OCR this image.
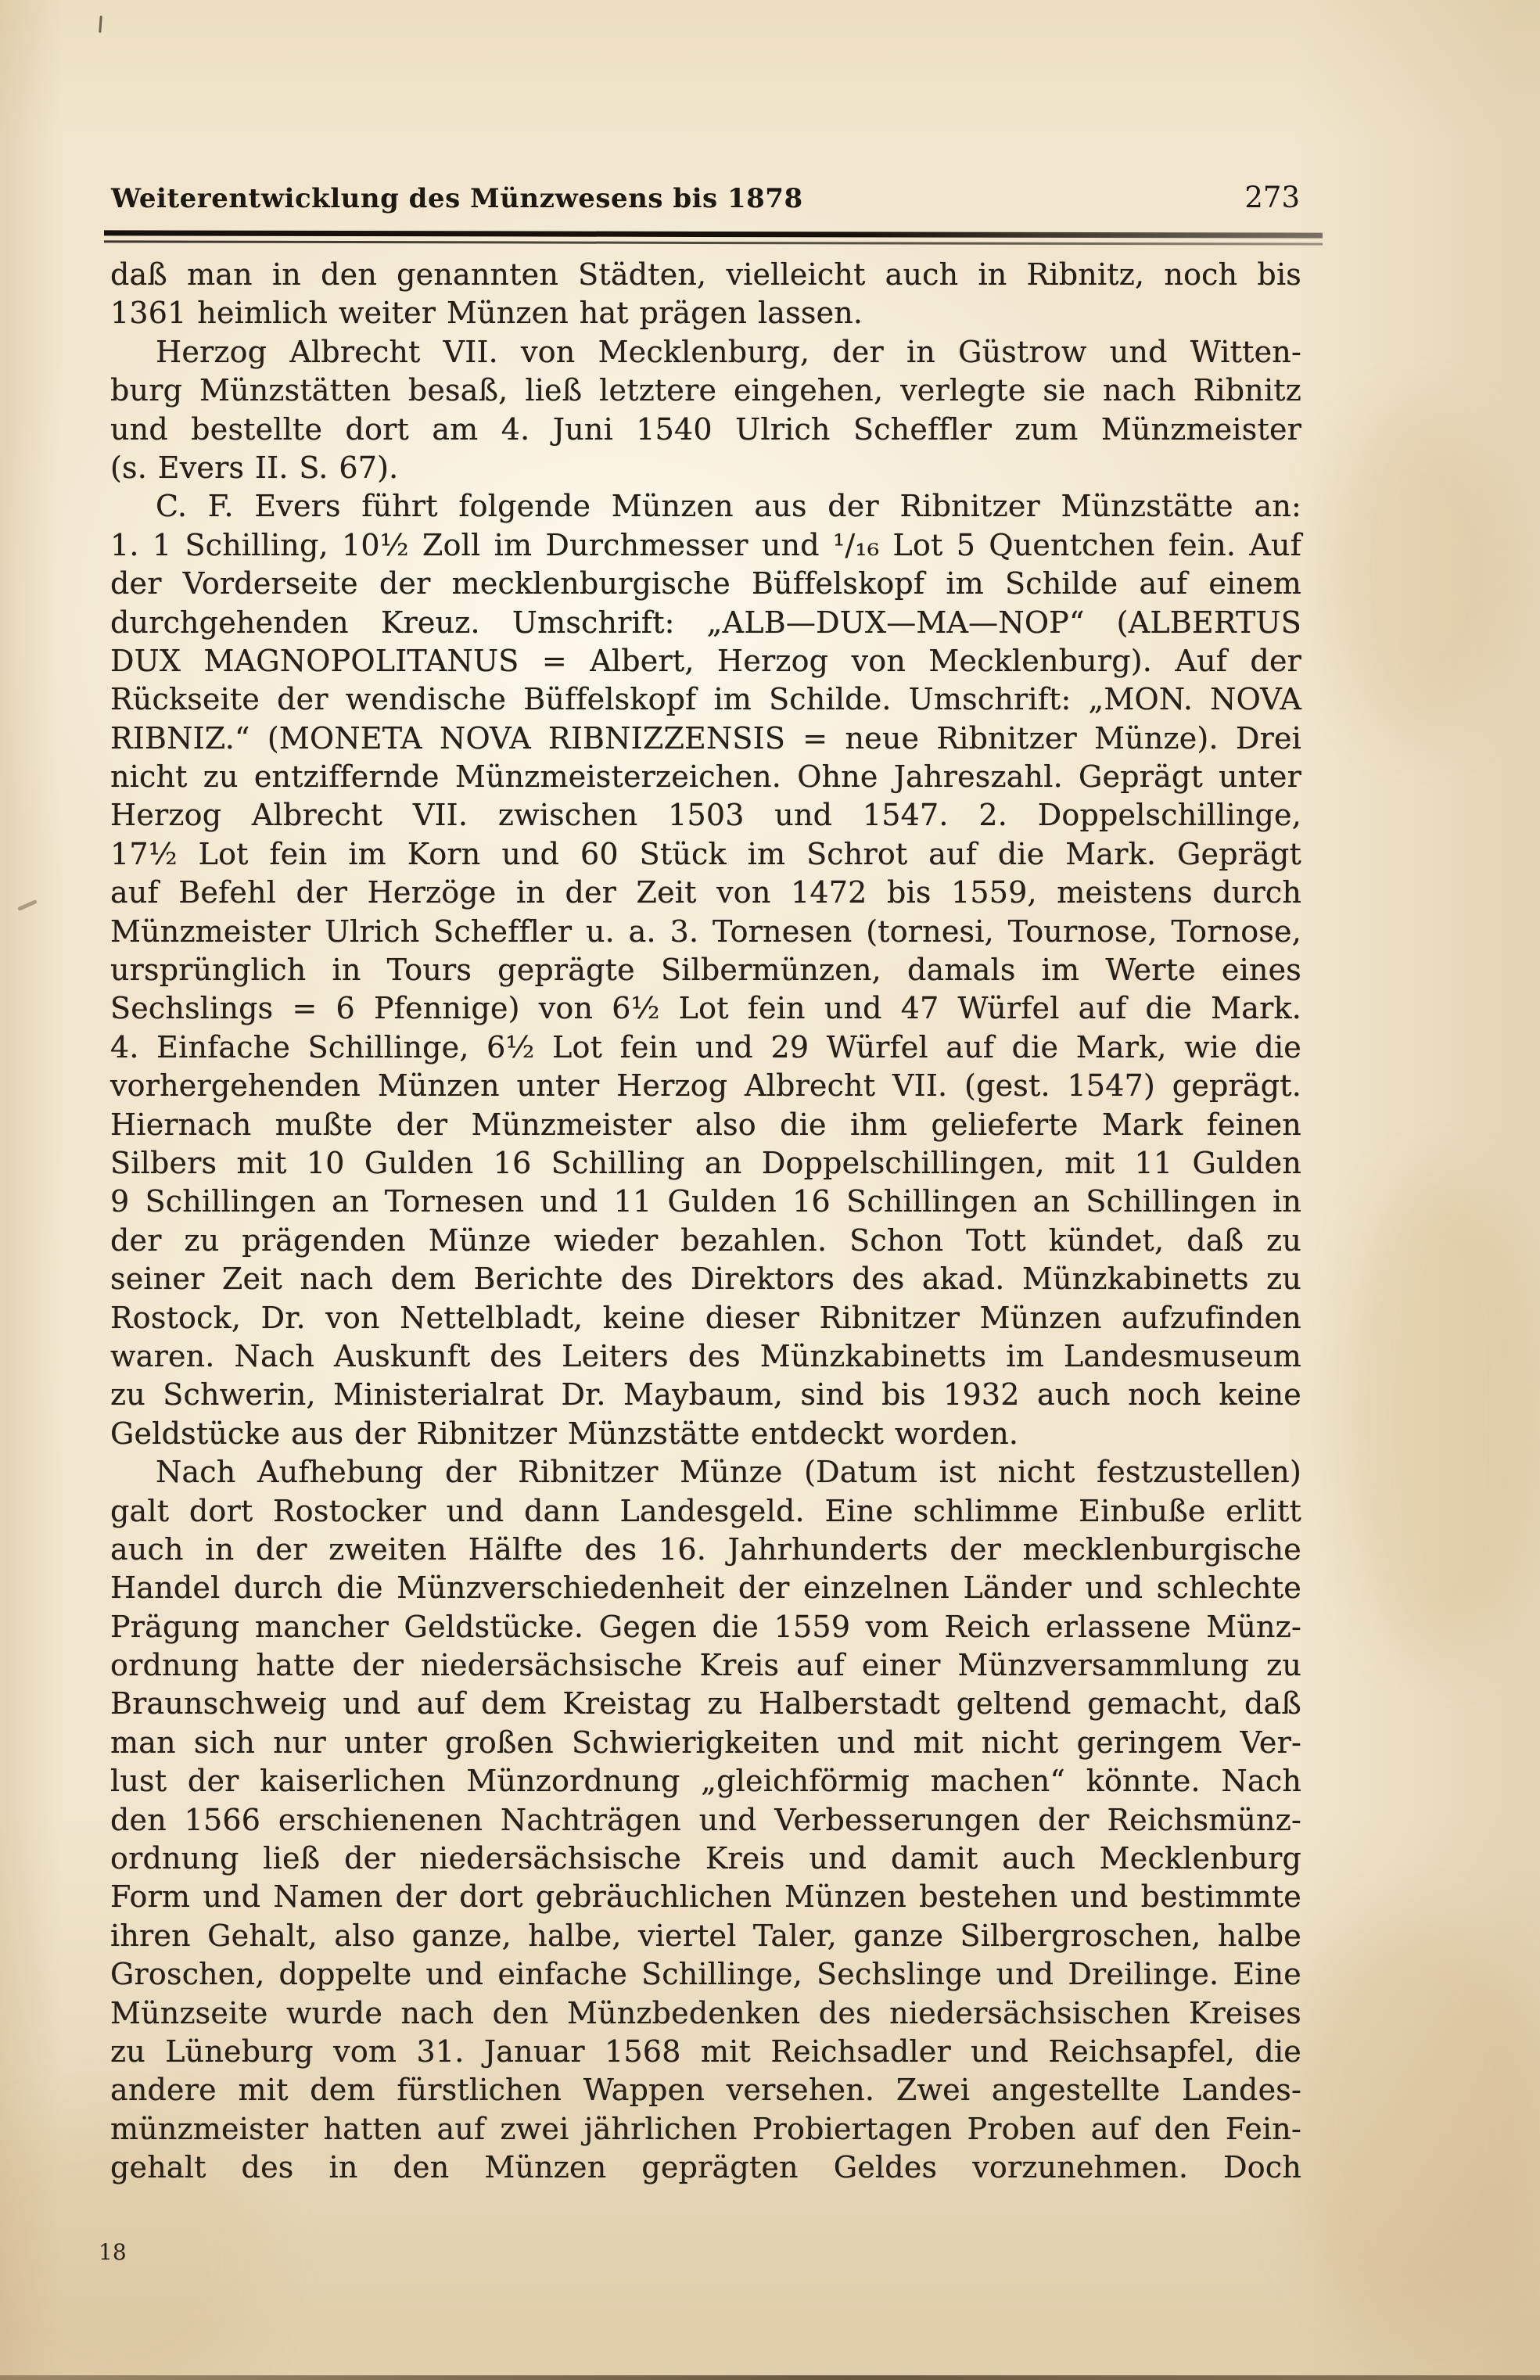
Weiterentwicklung des Münzwesens bis 1878	273
daß man in den genannten Städten, vielleicht auch in Ribnitz, noch bis
1361 heimlich weiter Münzen hat prägen lassen.
Herzog Albrecht VII. von Mecklenburg, der in Güstrow und Witten-
burg Münzstätten besaß, ließ letztere eingehen, verlegte sie nach Ribnitz
und bestellte dort am 4. Juni 1540 Ulrich Scheffler zum Münzmeister
(s. Evers II. S. 67).
C. F. Evers führt folgende Münzen aus der Ribnitzer Münzstätte an:
1. 1 Schilling, 10½ Zoll im Durchmesser und ¹/₁₆ Lot 5 Quentchen fein. Auf
der Vorderseite der mecklenburgische Büffelskopf im Schilde auf einem
durchgehenden Kreuz. Umschrift: „ALB—DUX—MA—NOP“ (ALBERTUS
DUX MAGNOPOLITANUS = Albert, Herzog von Mecklenburg). Auf der
Rückseite der wendische Büffelskopf im Schilde. Umschrift: „MON. NOVA
RIBNIZ.“ (MONETA NOVA RIBNIZZENSIS = neue Ribnitzer Münze). Drei
nicht zu entziffernde Münzmeisterzeichen. Ohne Jahreszahl. Geprägt unter
Herzog Albrecht VII. zwischen 1503 und 1547. 2. Doppelschillinge,
17½ Lot fein im Korn und 60 Stück im Schrot auf die Mark. Geprägt
auf Befehl der Herzöge in der Zeit von 1472 bis 1559, meistens durch
Münzmeister Ulrich Scheffler u. a. 3. Tornesen (tornesi, Tournose, Tornose,
ursprünglich in Tours geprägte Silbermünzen, damals im Werte eines
Sechslings = 6 Pfennige) von 6½ Lot fein und 47 Würfel auf die Mark.
4. Einfache Schillinge, 6½ Lot fein und 29 Würfel auf die Mark, wie die
vorhergehenden Münzen unter Herzog Albrecht VII. (gest. 1547) geprägt.
Hiernach mußte der Münzmeister also die ihm gelieferte Mark feinen
Silbers mit 10 Gulden 16 Schilling an Doppelschillingen, mit 11 Gulden
9 Schillingen an Tornesen und 11 Gulden 16 Schillingen an Schillingen in
der zu prägenden Münze wieder bezahlen. Schon Tott kündet, daß zu
seiner Zeit nach dem Berichte des Direktors des akad. Münzkabinetts zu
Rostock, Dr. von Nettelbladt, keine dieser Ribnitzer Münzen aufzufinden
waren. Nach Auskunft des Leiters des Münzkabinetts im Landesmuseum
zu Schwerin, Ministerialrat Dr. Maybaum, sind bis 1932 auch noch keine
Geldstücke aus der Ribnitzer Münzstätte entdeckt worden.
Nach Aufhebung der Ribnitzer Münze (Datum ist nicht festzustellen)
galt dort Rostocker und dann Landesgeld. Eine schlimme Einbuße erlitt
auch in der zweiten Hälfte des 16. Jahrhunderts der mecklenburgische
Handel durch die Münzverschiedenheit der einzelnen Länder und schlechte
Prägung mancher Geldstücke. Gegen die 1559 vom Reich erlassene Münz-
ordnung hatte der niedersächsische Kreis auf einer Münzversammlung zu
Braunschweig und auf dem Kreistag zu Halberstadt geltend gemacht, daß
man sich nur unter großen Schwierigkeiten und mit nicht geringem Ver-
lust der kaiserlichen Münzordnung „gleichförmig machen“ könnte. Nach
den 1566 erschienenen Nachträgen und Verbesserungen der Reichsmünz-
ordnung ließ der niedersächsische Kreis und damit auch Mecklenburg
Form und Namen der dort gebräuchlichen Münzen bestehen und bestimmte
ihren Gehalt, also ganze, halbe, viertel Taler, ganze Silbergroschen, halbe
Groschen, doppelte und einfache Schillinge, Sechslinge und Dreilinge. Eine
Münzseite wurde nach den Münzbedenken des niedersächsischen Kreises
zu Lüneburg vom 31. Januar 1568 mit Reichsadler und Reichsapfel, die
andere mit dem fürstlichen Wappen versehen. Zwei angestellte Landes-
münzmeister hatten auf zwei jährlichen Probiertagen Proben auf den Fein-
gehalt des in den Münzen geprägten Geldes vorzunehmen. Doch
18
